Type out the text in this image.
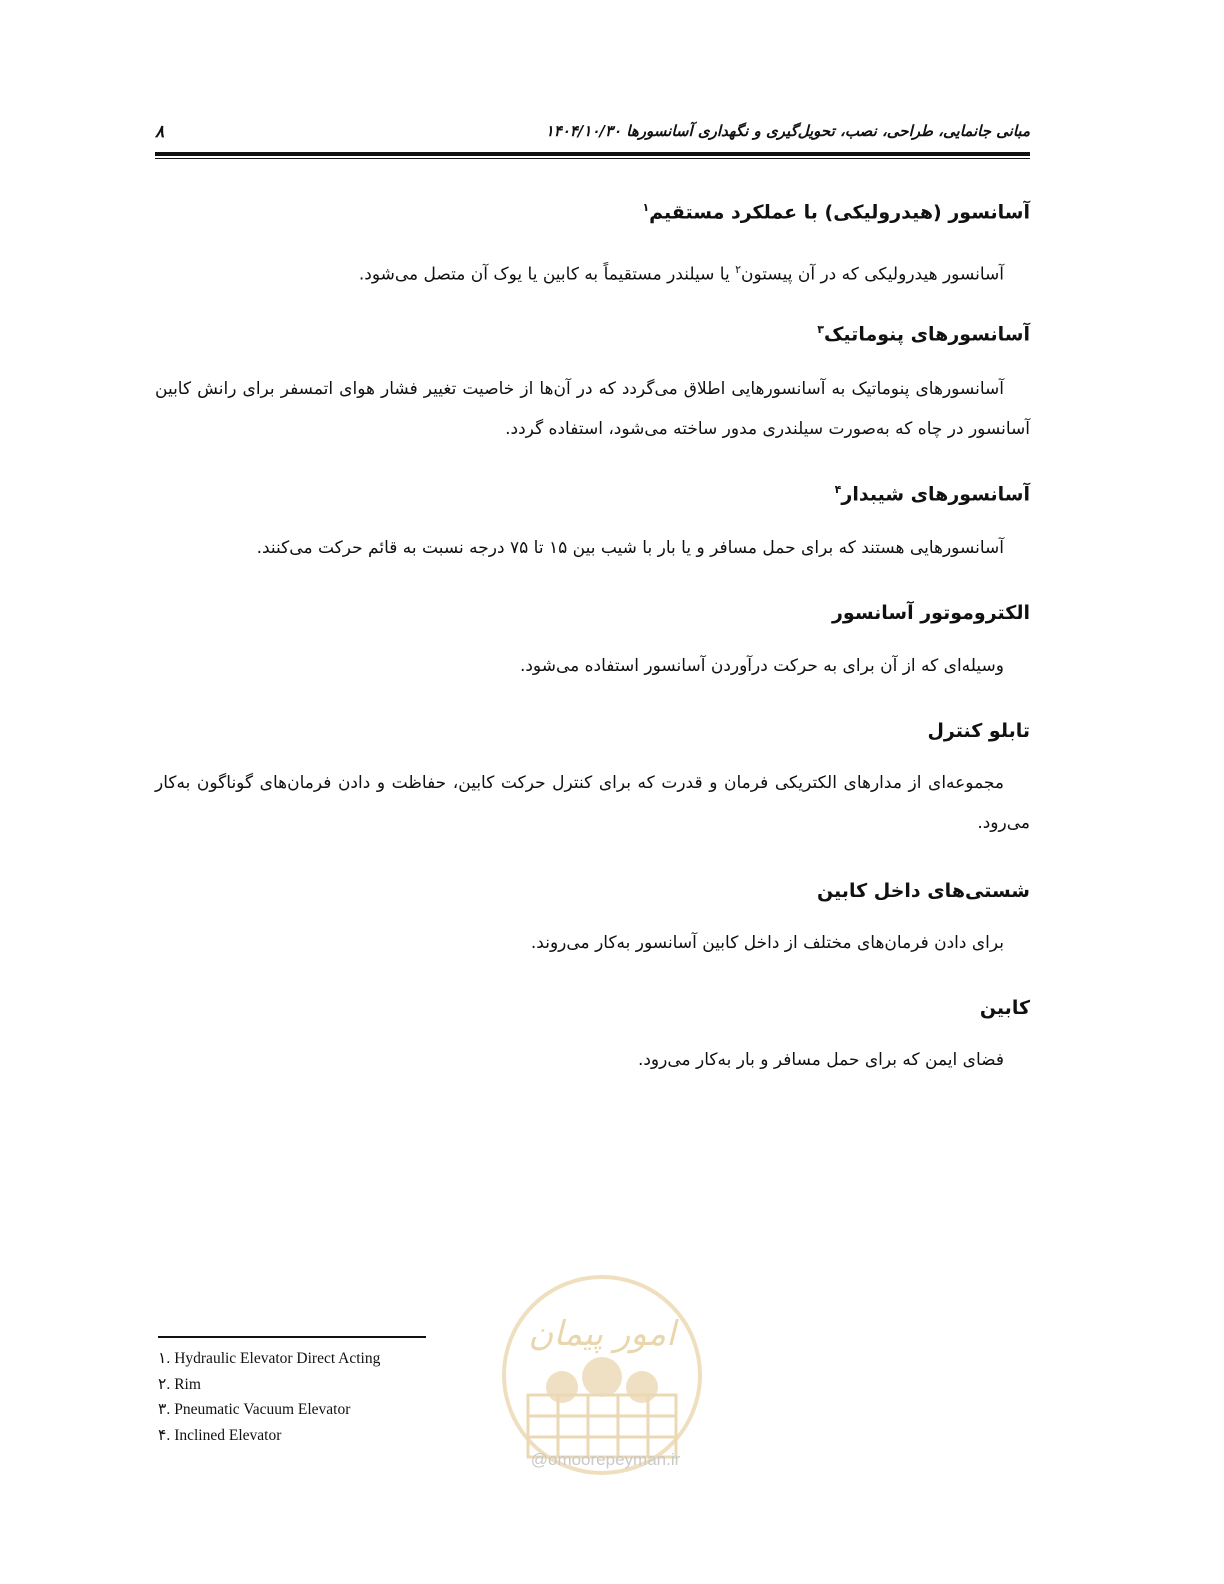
۸	مبانی جانمایی، طراحی، نصب، تحویل‌گیری و نگهداری آسانسورها ۱۴۰۴/۱۰/۳۰
آسانسور (هیدرولیکی) با عملکرد مستقیم$^۱$
آسانسور هیدرولیکی که در آن پیستون$^۲$ یا سیلندر مستقیماً به کابین یا یوک آن متصل می‌شود.
آسانسورهای پنوماتیک$^۳$
آسانسورهای پنوماتیک به آسانسورهایی اطلاق می‌گردد که در آن‌ها از خاصیت تغییر فشار هوای اتمسفر برای رانش کابین آسانسور در چاه که به‌صورت سیلندری مدور ساخته می‌شود، استفاده گردد.
آسانسورهای شیبدار$^۴$
آسانسورهایی هستند که برای حمل مسافر و یا بار با شیب بین ۱۵ تا ۷۵ درجه نسبت به قائم حرکت می‌کنند.
الکتروموتور آسانسور
وسیله‌ای که از آن برای به حرکت درآوردن آسانسور استفاده می‌شود.
تابلو کنترل
مجموعه‌ای از مدارهای الکتریکی فرمان و قدرت که برای کنترل حرکت کابین، حفاظت و دادن فرمان‌های گوناگون به‌کار می‌رود.
شستی‌های داخل کابین
برای دادن فرمان‌های مختلف از داخل کابین آسانسور به‌کار می‌روند.
کابین
فضای ایمن که برای حمل مسافر و بار به‌کار می‌رود.
امور پیمان
@omoorepeyman.ir
۱. Hydraulic Elevator Direct Acting
۲. Rim
۳. Pneumatic Vacuum Elevator
۴. Inclined Elevator
